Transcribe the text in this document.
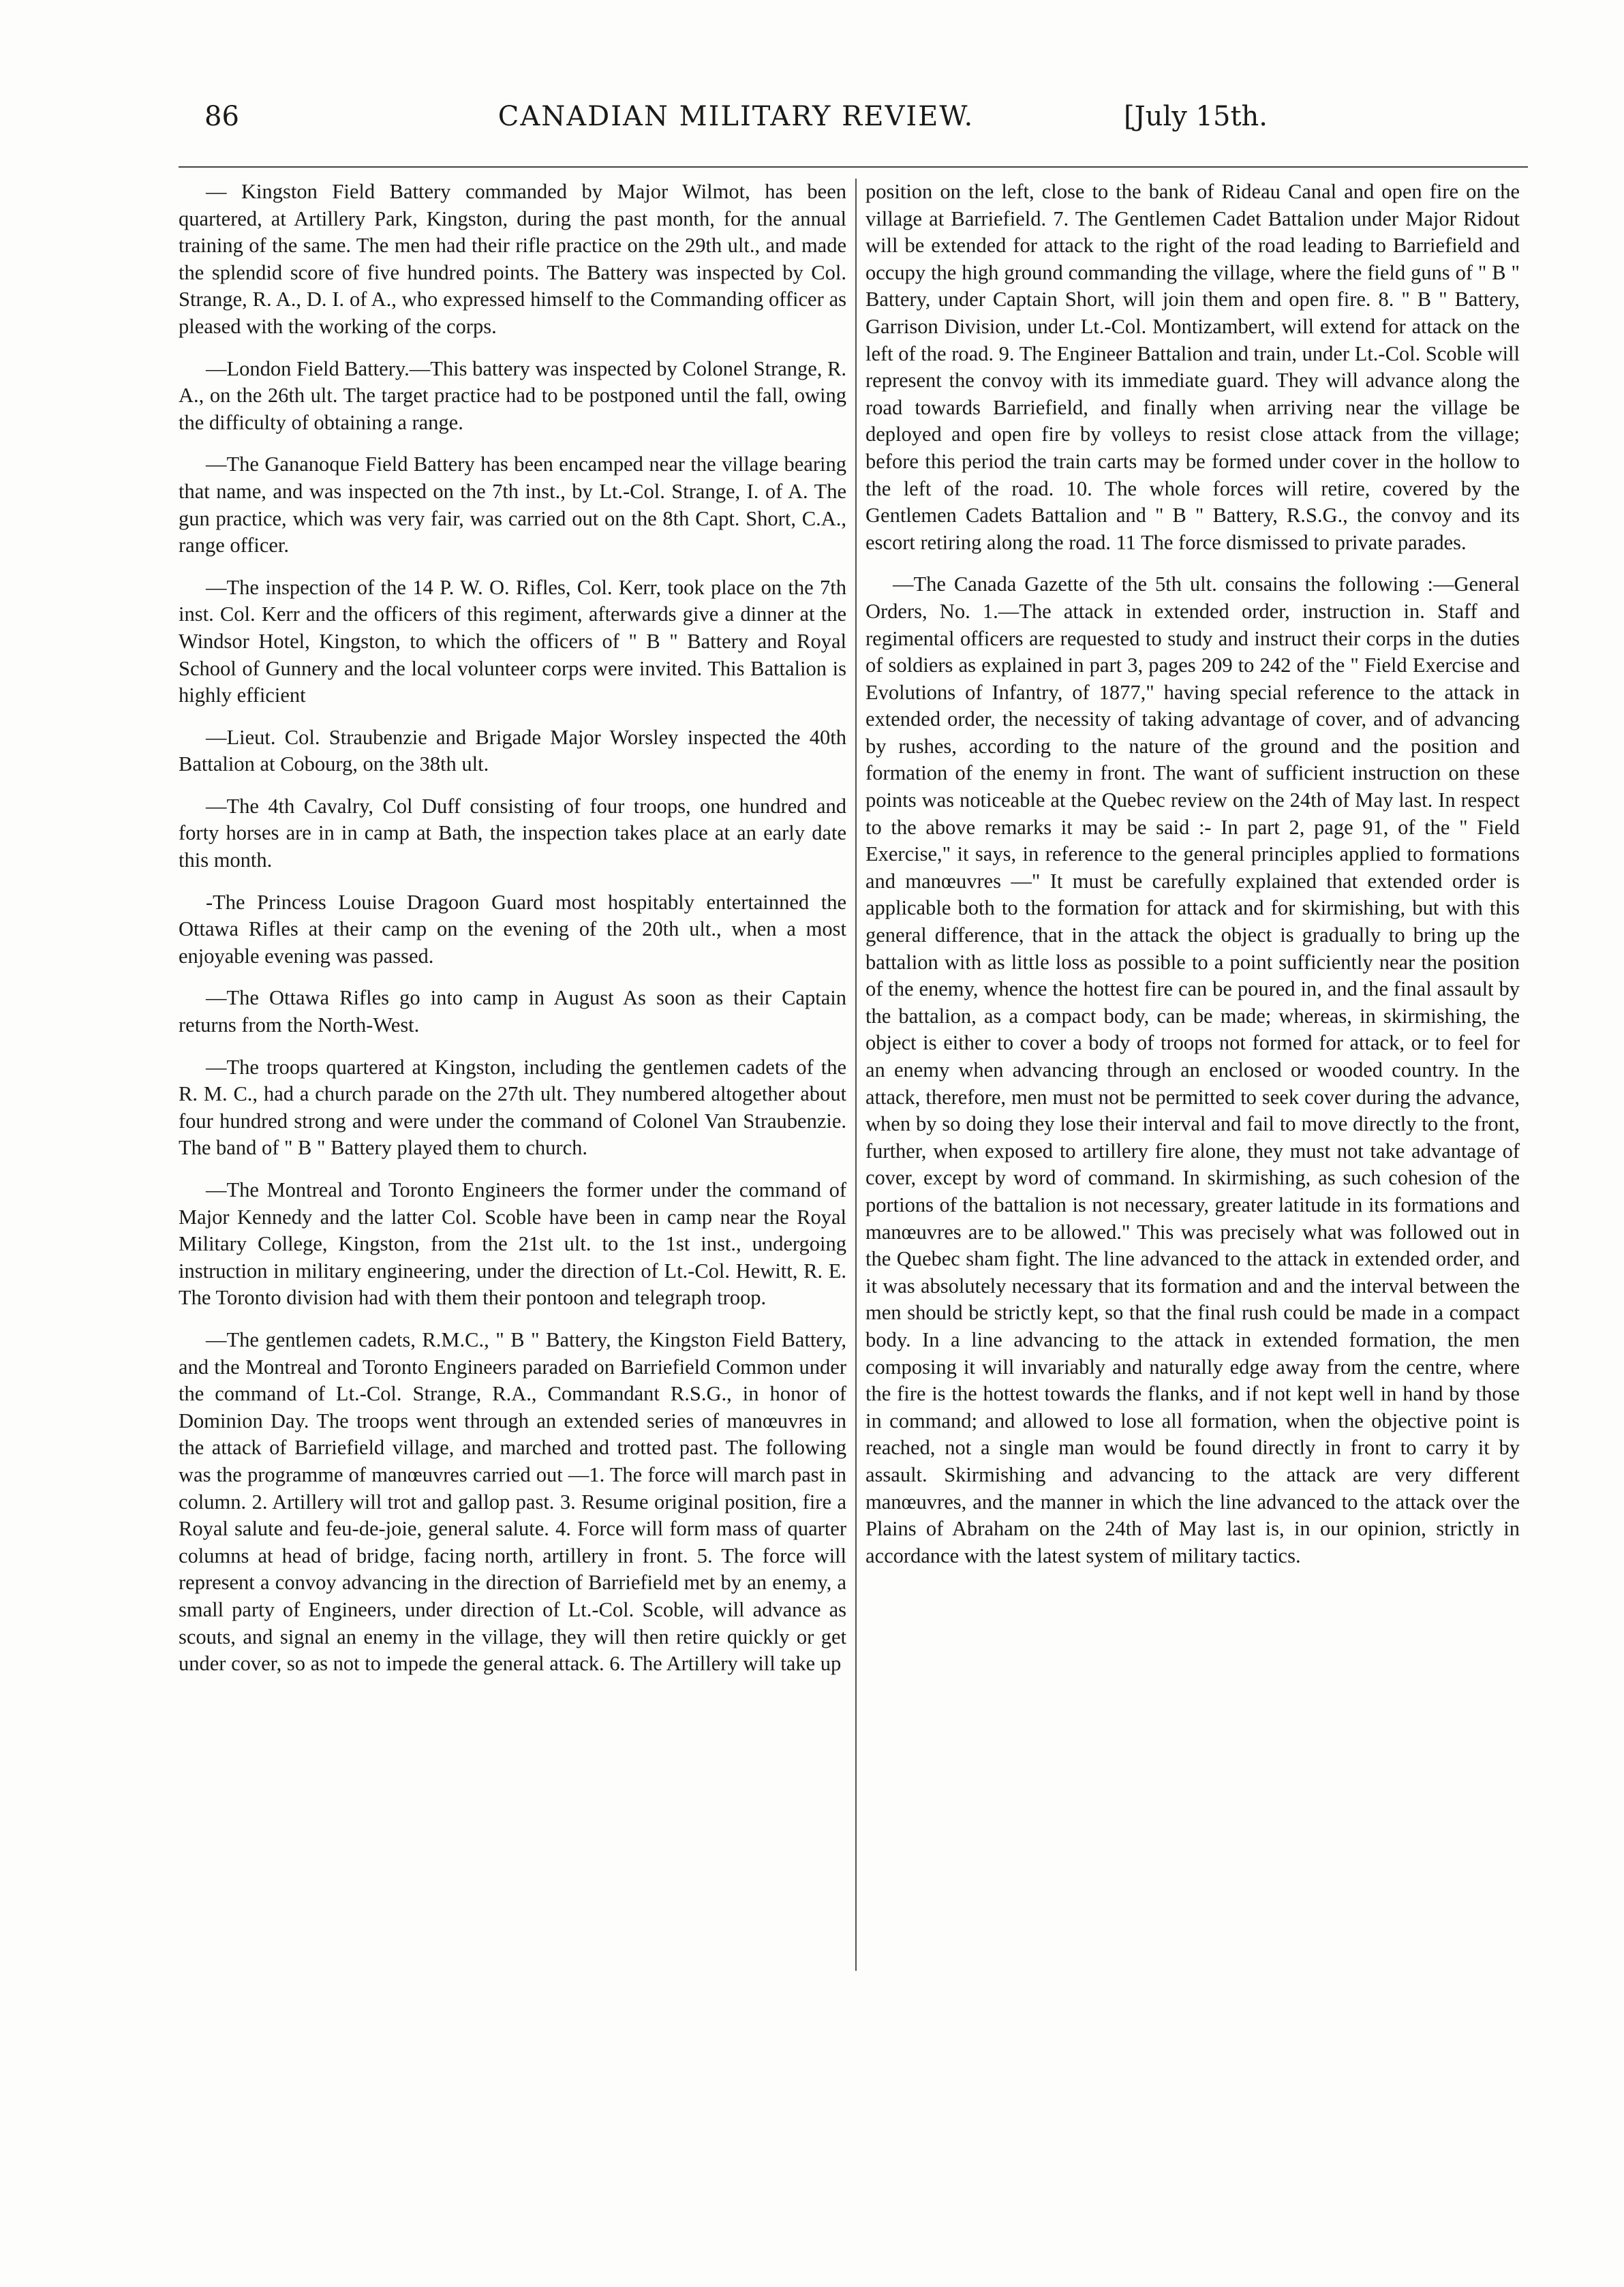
86	CANADIAN MILITARY REVIEW.	[July 15th.

— Kingston Field Battery commanded by Major Wilmot, has been quartered, at Artillery Park, Kingston, during the past month, for the annual training of the same. The men had their rifle practice on the 29th ult., and made the splendid score of five hundred points. The Battery was inspected by Col. Strange, R. A., D. I. of A., who expressed himself to the Commanding officer as pleased with the working of the corps.

—London Field Battery.—This battery was inspected by Colonel Strange, R. A., on the 26th ult. The target practice had to be postponed until the fall, owing the difficulty of obtaining a range.

—The Gananoque Field Battery has been encamped near the village bearing that name, and was inspected on the 7th inst., by Lt.-Col. Strange, I. of A. The gun practice, which was very fair, was carried out on the 8th Capt. Short, C.A., range officer.

—The inspection of the 14 P. W. O. Rifles, Col. Kerr, took place on the 7th inst. Col. Kerr and the officers of this regiment, afterwards give a dinner at the Windsor Hotel, Kingston, to which the officers of " B " Battery and Royal School of Gunnery and the local volunteer corps were invited. This Battalion is highly efficient

—Lieut. Col. Straubenzie and Brigade Major Worsley inspected the 40th Battalion at Cobourg, on the 38th ult.

—The 4th Cavalry, Col Duff consisting of four troops, one hundred and forty horses are in in camp at Bath, the inspection takes place at an early date this month.

-The Princess Louise Dragoon Guard most hospitably entertainned the Ottawa Rifles at their camp on the evening of the 20th ult., when a most enjoyable evening was passed.

—The Ottawa Rifles go into camp in August As soon as their Captain returns from the North-West.

—The troops quartered at Kingston, including the gentlemen cadets of the R. M. C., had a church parade on the 27th ult. They numbered altogether about four hundred strong and were under the command of Colonel Van Straubenzie. The band of " B " Battery played them to church.

—The Montreal and Toronto Engineers the former under the command of Major Kennedy and the latter Col. Scoble have been in camp near the Royal Military College, Kingston, from the 21st ult. to the 1st inst., undergoing instruction in military engineering, under the direction of Lt.-Col. Hewitt, R. E. The Toronto division had with them their pontoon and telegraph troop.

—The gentlemen cadets, R.M.C., " B " Battery, the Kingston Field Battery, and the Montreal and Toronto Engineers paraded on Barriefield Common under the command of Lt.-Col. Strange, R.A., Commandant R.S.G., in honor of Dominion Day. The troops went through an extended series of manœuvres in the attack of Barriefield village, and marched and trotted past. The following was the programme of manœuvres carried out —1. The force will march past in column. 2. Artillery will trot and gallop past. 3. Resume original position, fire a Royal salute and feu-de-joie, general salute. 4. Force will form mass of quarter columns at head of bridge, facing north, artillery in front. 5. The force will represent a convoy advancing in the direction of Barriefield met by an enemy, a small party of Engineers, under direction of Lt.-Col. Scoble, will advance as scouts, and signal an enemy in the village, they will then retire quickly or get under cover, so as not to impede the general attack. 6. The Artillery will take up

position on the left, close to the bank of Rideau Canal and open fire on the village at Barriefield. 7. The Gentlemen Cadet Battalion under Major Ridout will be extended for attack to the right of the road leading to Barriefield and occupy the high ground commanding the village, where the field guns of " B " Battery, under Captain Short, will join them and open fire. 8. " B " Battery, Garrison Division, under Lt.-Col. Montizambert, will extend for attack on the left of the road. 9. The Engineer Battalion and train, under Lt.-Col. Scoble will represent the convoy with its immediate guard. They will advance along the road towards Barriefield, and finally when arriving near the village be deployed and open fire by volleys to resist close attack from the village; before this period the train carts may be formed under cover in the hollow to the left of the road. 10. The whole forces will retire, covered by the Gentlemen Cadets Battalion and " B " Battery, R.S.G., the convoy and its escort retiring along the road. 11 The force dismissed to private parades.

—The Canada Gazette of the 5th ult. consains the following :—General Orders, No. 1.—The attack in extended order, instruction in. Staff and regimental officers are requested to study and instruct their corps in the duties of soldiers as explained in part 3, pages 209 to 242 of the " Field Exercise and Evolutions of Infantry, of 1877," having special reference to the attack in extended order, the necessity of taking advantage of cover, and of advancing by rushes, according to the nature of the ground and the position and formation of the enemy in front. The want of sufficient instruction on these points was noticeable at the Quebec review on the 24th of May last. In respect to the above remarks it may be said :- In part 2, page 91, of the " Field Exercise," it says, in reference to the general principles applied to formations and manœuvres —" It must be carefully explained that extended order is applicable both to the formation for attack and for skirmishing, but with this general difference, that in the attack the object is gradually to bring up the battalion with as little loss as possible to a point sufficiently near the position of the enemy, whence the hottest fire can be poured in, and the final assault by the battalion, as a compact body, can be made; whereas, in skirmishing, the object is either to cover a body of troops not formed for attack, or to feel for an enemy when advancing through an enclosed or wooded country. In the attack, therefore, men must not be permitted to seek cover during the advance, when by so doing they lose their interval and fail to move directly to the front, further, when exposed to artillery fire alone, they must not take advantage of cover, except by word of command. In skirmishing, as such cohesion of the portions of the battalion is not necessary, greater latitude in its formations and manœuvres are to be allowed." This was precisely what was followed out in the Quebec sham fight. The line advanced to the attack in extended order, and it was absolutely necessary that its formation and and the interval between the men should be strictly kept, so that the final rush could be made in a compact body. In a line advancing to the attack in extended formation, the men composing it will invariably and naturally edge away from the centre, where the fire is the hottest towards the flanks, and if not kept well in hand by those in command; and allowed to lose all formation, when the objective point is reached, not a single man would be found directly in front to carry it by assault. Skirmishing and advancing to the attack are very different manœuvres, and the manner in which the line advanced to the attack over the Plains of Abraham on the 24th of May last is, in our opinion, strictly in accordance with the latest system of military tactics.
